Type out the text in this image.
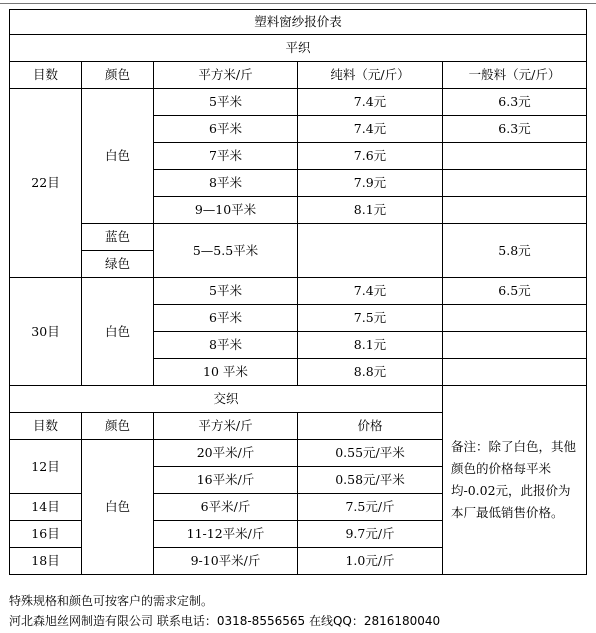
塑料窗纱报价表				
平织				
目数	颜色	平方米/斤	纯料（元/斤）	一般料（元/斤）
22目	白色	5平米	7.4元	6.3元
		6平米	7.4元	6.3元
		7平米	7.6元	
		8平米	7.9元	
		9—10平米	8.1元	
	蓝色	5—5.5平米		5.8元
	绿色			
30目	白色	5平米	7.4元	6.5元
		6平米	7.5元	
		8平米	8.1元	
		10 平米	8.8元	
交织				备注：除了白色，其他颜色的价格每平米均-0.02元，此报价为本厂最低销售价格。
目数	颜色	平方米/斤	价格	
12目	白色	20平米/斤	0.55元/平米	
		16平米/斤	0.58元/平米	
14目		6平米/斤	7.5元/斤	
16目		11-12平米/斤	9.7元/斤	
18目		9-10平米/斤	1.0元/斤	
特殊规格和颜色可按客户的需求定制。
河北森旭丝网制造有限公司 联系电话：0318-8556565 在线QQ：2816180040
